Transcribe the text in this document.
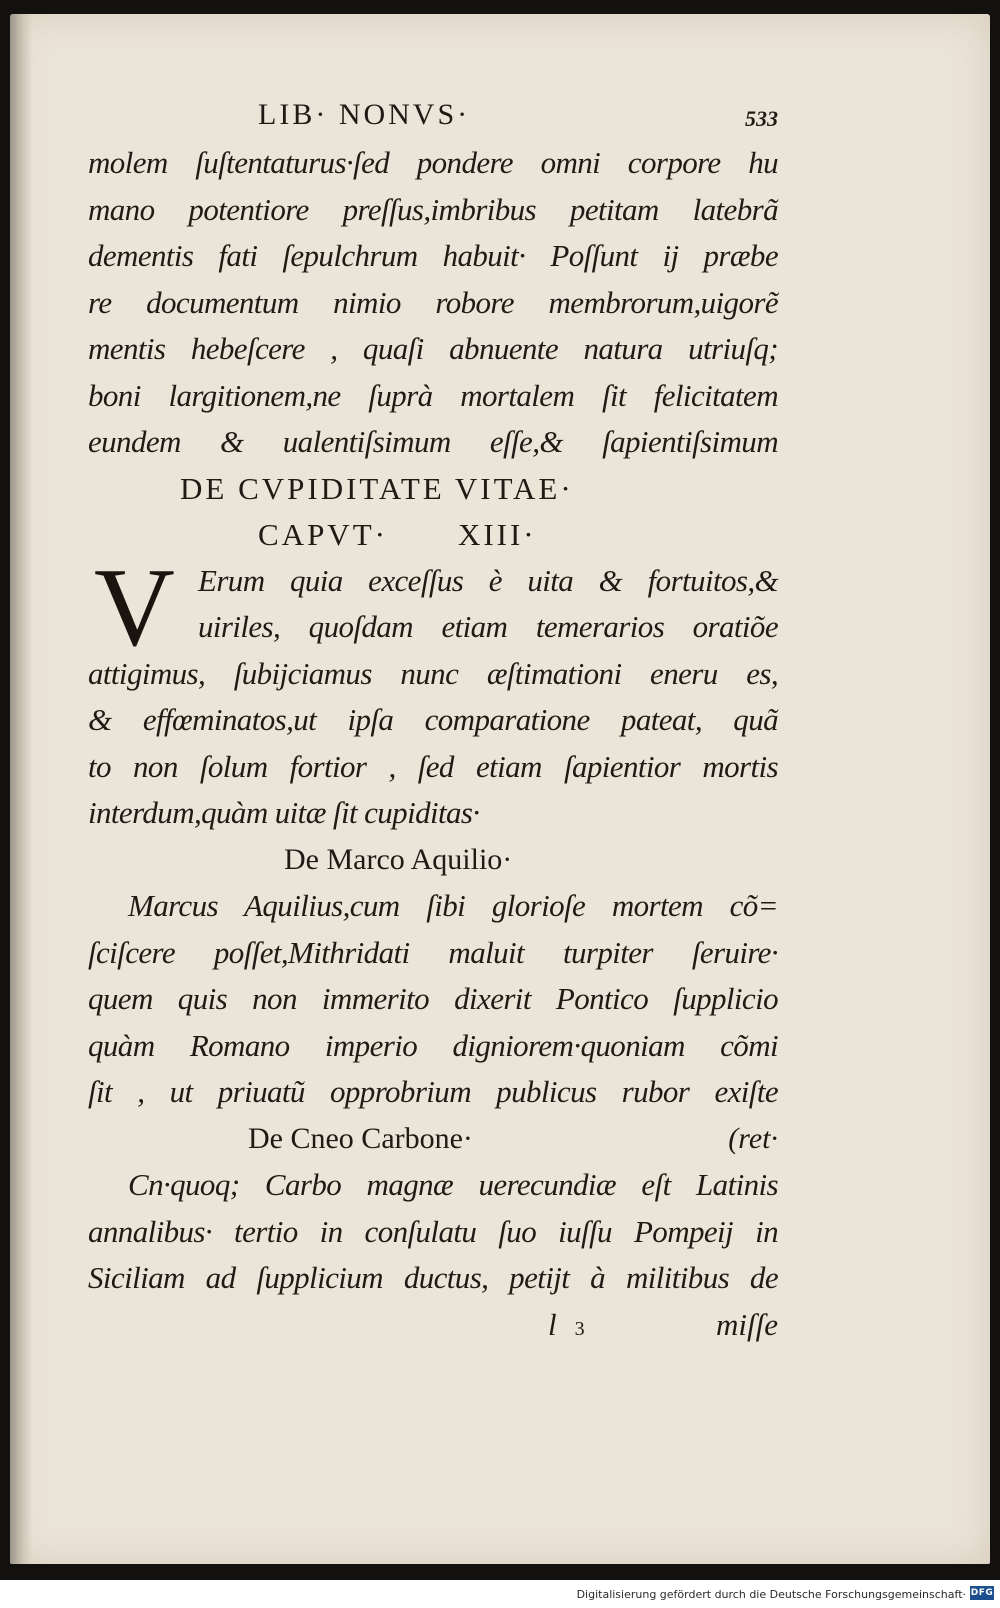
LIB· NONVS·	533
molem ſuſtentaturus·ſed pondere omni corpore hu
mano potentiore preſſus,imbribus petitam latebrã
dementis fati ſepulchrum habuit· Poſſunt ij præbe
re documentum nimio robore membrorum,uigorẽ
mentis hebeſcere , quaſi abnuente natura utriuſq;
boni largitionem,ne ſuprà mortalem ſit felicitatem
eundem & ualentiſsimum eſſe,& ſapientiſsimum
DE CVPIDITATE VITAE·
CAPVT· XIII·
V Erum quia exceſſus è uita & fortuitos,&
uiriles, quoſdam etiam temerarios oratiõe
attigimus, ſubijciamus nunc æſtimationi eneru es,
& effœminatos,ut ipſa comparatione pateat, quã
to non ſolum fortior , ſed etiam ſapientior mortis
interdum,quàm uitæ ſit cupiditas·
De Marco Aquilio·
Marcus Aquilius,cum ſibi glorioſe mortem cõ=
ſciſcere poſſet,Mithridati maluit turpiter ſeruire·
quem quis non immerito dixerit Pontico ſupplicio
quàm Romano imperio digniorem·quoniam cõmi
ſit , ut priuatũ opprobrium publicus rubor exiſte
De Cneo Carbone·	(ret·
Cn·quoq; Carbo magnæ uerecundiæ eſt Latinis
annalibus· tertio in conſulatu ſuo iuſſu Pompeij in
Siciliam ad ſupplicium ductus, petijt à militibus de
l 3	miſſe
Digitalisierung gefördert durch die Deutsche Forschungsgemeinschaft· DFG
